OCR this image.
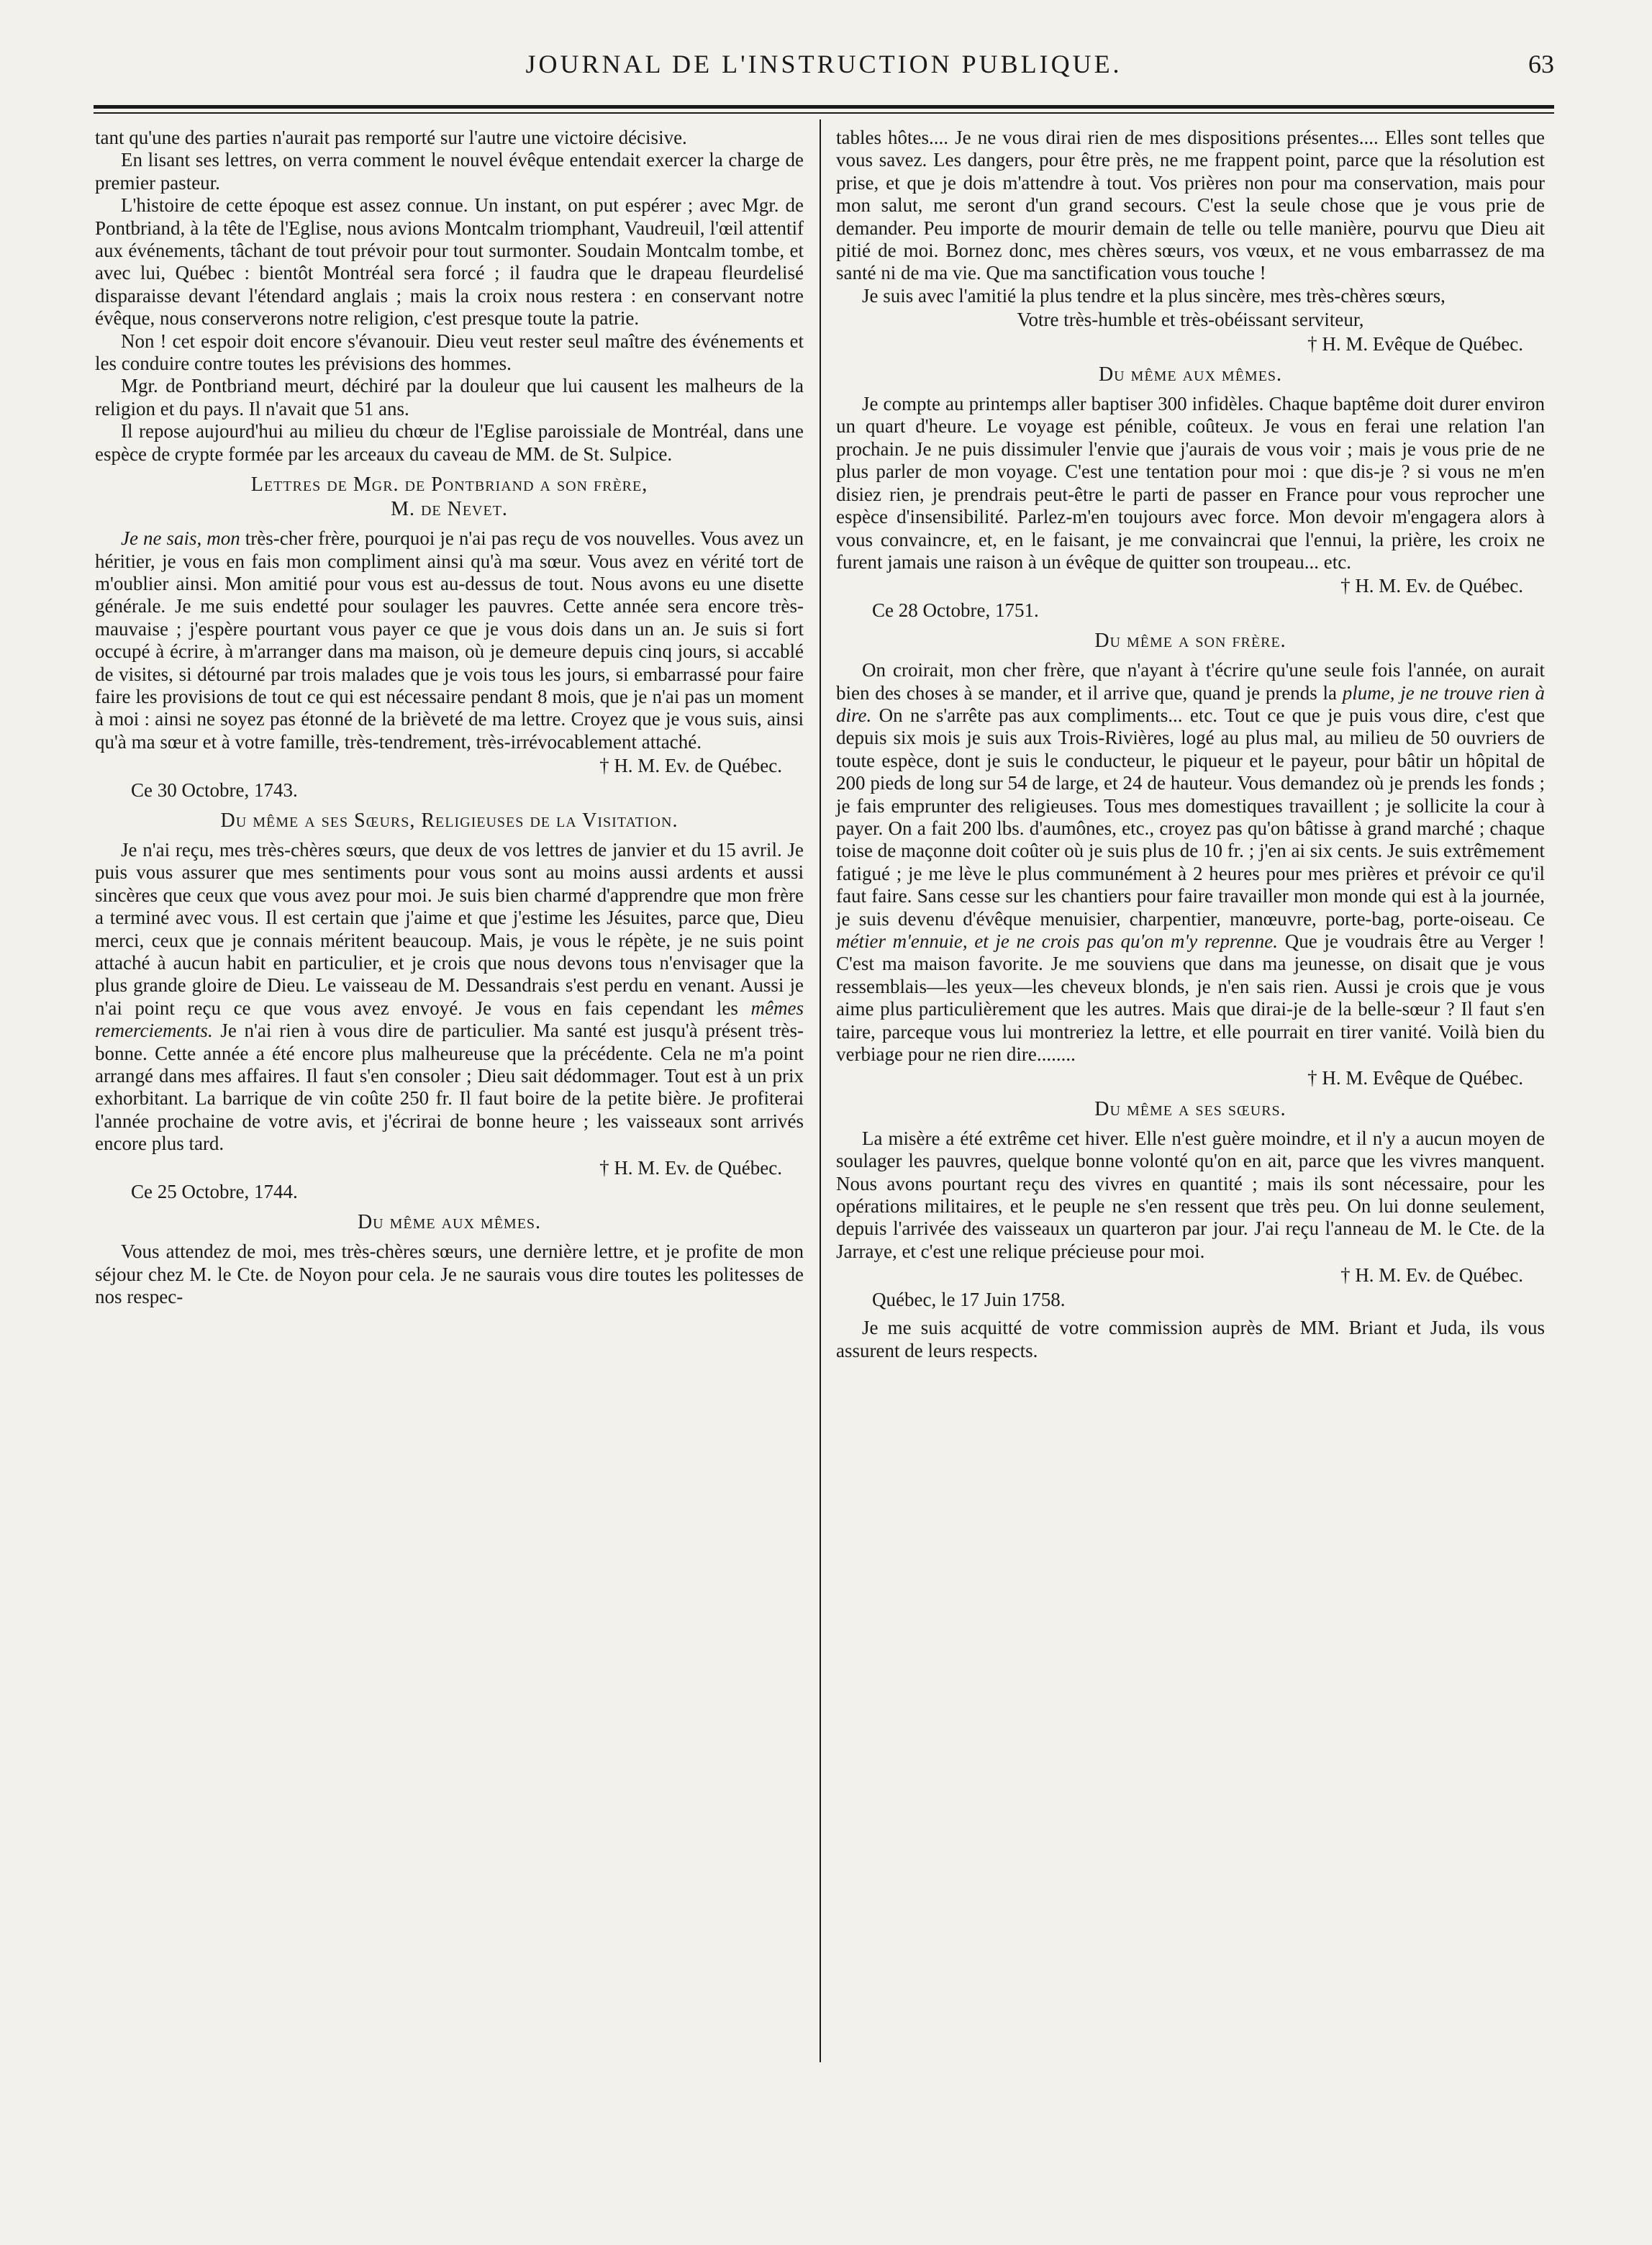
JOURNAL DE L'INSTRUCTION PUBLIQUE.	63

tant qu'une des parties n'aurait pas remporté sur l'autre une victoire décisive.

En lisant ses lettres, on verra comment le nouvel évêque entendait exercer la charge de premier pasteur.

L'histoire de cette époque est assez connue. Un instant, on put espérer ; avec Mgr. de Pontbriand, à la tête de l'Eglise, nous avions Montcalm triomphant, Vaudreuil, l'œil attentif aux événements, tâchant de tout prévoir pour tout surmonter. Soudain Montcalm tombe, et avec lui, Québec : bientôt Montréal sera forcé ; il faudra que le drapeau fleurdelisé disparaisse devant l'étendard anglais ; mais la croix nous restera : en conservant notre évêque, nous conserverons notre religion, c'est presque toute la patrie.

Non ! cet espoir doit encore s'évanouir. Dieu veut rester seul maître des événements et les conduire contre toutes les prévisions des hommes.

Mgr. de Pontbriand meurt, déchiré par la douleur que lui causent les malheurs de la religion et du pays. Il n'avait que 51 ans.

Il repose aujourd'hui au milieu du chœur de l'Eglise paroissiale de Montréal, dans une espèce de crypte formée par les arceaux du caveau de MM. de St. Sulpice.

Lettres de Mgr. de Pontbriand a son frère,
M. de Nevet.

Je ne sais, mon très-cher frère, pourquoi je n'ai pas reçu de vos nouvelles. Vous avez un héritier, je vous en fais mon compliment ainsi qu'à ma sœur. Vous avez en vérité tort de m'oublier ainsi. Mon amitié pour vous est au-dessus de tout. Nous avons eu une disette générale. Je me suis endetté pour soulager les pauvres. Cette année sera encore très-mauvaise ; j'espère pourtant vous payer ce que je vous dois dans un an. Je suis si fort occupé à écrire, à m'arranger dans ma maison, où je demeure depuis cinq jours, si accablé de visites, si détourné par trois malades que je vois tous les jours, si embarrassé pour faire faire les provisions de tout ce qui est nécessaire pendant 8 mois, que je n'ai pas un moment à moi : ainsi ne soyez pas étonné de la brièveté de ma lettre. Croyez que je vous suis, ainsi qu'à ma sœur et à votre famille, très-tendrement, très-irrévocablement attaché.

† H. M. Ev. de Québec.
Ce 30 Octobre, 1743.
Du même a ses Sœurs, Religieuses de la Visitation.

Je n'ai reçu, mes très-chères sœurs, que deux de vos lettres de janvier et du 15 avril. Je puis vous assurer que mes sentiments pour vous sont au moins aussi ardents et aussi sincères que ceux que vous avez pour moi. Je suis bien charmé d'apprendre que mon frère a terminé avec vous. Il est certain que j'aime et que j'estime les Jésuites, parce que, Dieu merci, ceux que je connais méritent beaucoup. Mais, je vous le répète, je ne suis point attaché à aucun habit en particulier, et je crois que nous devons tous n'envisager que la plus grande gloire de Dieu. Le vaisseau de M. Dessandrais s'est perdu en venant. Aussi je n'ai point reçu ce que vous avez envoyé. Je vous en fais cependant les mêmes remerciements. Je n'ai rien à vous dire de particulier. Ma santé est jusqu'à présent très-bonne. Cette année a été encore plus malheureuse que la précédente. Cela ne m'a point arrangé dans mes affaires. Il faut s'en consoler ; Dieu sait dédommager. Tout est à un prix exhorbitant. La barrique de vin coûte 250 fr. Il faut boire de la petite bière. Je profiterai l'année prochaine de votre avis, et j'écrirai de bonne heure ; les vaisseaux sont arrivés encore plus tard.

† H. M. Ev. de Québec.
Ce 25 Octobre, 1744.
Du même aux mêmes.

Vous attendez de moi, mes très-chères sœurs, une dernière lettre, et je profite de mon séjour chez M. le Cte. de Noyon pour cela. Je ne saurais vous dire toutes les politesses de nos respec-

tables hôtes.... Je ne vous dirai rien de mes dispositions présentes.... Elles sont telles que vous savez. Les dangers, pour être près, ne me frappent point, parce que la résolution est prise, et que je dois m'attendre à tout. Vos prières non pour ma conservation, mais pour mon salut, me seront d'un grand secours. C'est la seule chose que je vous prie de demander. Peu importe de mourir demain de telle ou telle manière, pourvu que Dieu ait pitié de moi. Bornez donc, mes chères sœurs, vos vœux, et ne vous embarrassez de ma santé ni de ma vie. Que ma sanctification vous touche !

Je suis avec l'amitié la plus tendre et la plus sincère, mes très-chères sœurs,

Votre très-humble et très-obéissant serviteur,
† H. M. Evêque de Québec.
Du même aux mêmes.

Je compte au printemps aller baptiser 300 infidèles. Chaque baptême doit durer environ un quart d'heure. Le voyage est pénible, coûteux. Je vous en ferai une relation l'an prochain. Je ne puis dissimuler l'envie que j'aurais de vous voir ; mais je vous prie de ne plus parler de mon voyage. C'est une tentation pour moi : que dis-je ? si vous ne m'en disiez rien, je prendrais peut-être le parti de passer en France pour vous reprocher une espèce d'insensibilité. Parlez-m'en toujours avec force. Mon devoir m'engagera alors à vous convaincre, et, en le faisant, je me convaincrai que l'ennui, la prière, les croix ne furent jamais une raison à un évêque de quitter son troupeau... etc.

† H. M. Ev. de Québec.
Ce 28 Octobre, 1751.
Du même a son frère.

On croirait, mon cher frère, que n'ayant à t'écrire qu'une seule fois l'année, on aurait bien des choses à se mander, et il arrive que, quand je prends la plume, je ne trouve rien à dire. On ne s'arrête pas aux compliments... etc. Tout ce que je puis vous dire, c'est que depuis six mois je suis aux Trois-Rivières, logé au plus mal, au milieu de 50 ouvriers de toute espèce, dont je suis le conducteur, le piqueur et le payeur, pour bâtir un hôpital de 200 pieds de long sur 54 de large, et 24 de hauteur. Vous demandez où je prends les fonds ; je fais emprunter des religieuses. Tous mes domestiques travaillent ; je sollicite la cour à payer. On a fait 200 lbs. d'aumônes, etc., croyez pas qu'on bâtisse à grand marché ; chaque toise de maçonne doit coûter où je suis plus de 10 fr. ; j'en ai six cents. Je suis extrêmement fatigué ; je me lève le plus communément à 2 heures pour mes prières et prévoir ce qu'il faut faire. Sans cesse sur les chantiers pour faire travailler mon monde qui est à la journée, je suis devenu d'évêque menuisier, charpentier, manœuvre, porte-bag, porte-oiseau. Ce métier m'ennuie, et je ne crois pas qu'on m'y reprenne. Que je voudrais être au Verger ! C'est ma maison favorite. Je me souviens que dans ma jeunesse, on disait que je vous ressemblais—les yeux—les cheveux blonds, je n'en sais rien. Aussi je crois que je vous aime plus particulièrement que les autres. Mais que dirai-je de la belle-sœur ? Il faut s'en taire, parceque vous lui montreriez la lettre, et elle pourrait en tirer vanité. Voilà bien du verbiage pour ne rien dire........

† H. M. Evêque de Québec.
Du même a ses sœurs.

La misère a été extrême cet hiver. Elle n'est guère moindre, et il n'y a aucun moyen de soulager les pauvres, quelque bonne volonté qu'on en ait, parce que les vivres manquent. Nous avons pourtant reçu des vivres en quantité ; mais ils sont nécessaire, pour les opérations militaires, et le peuple ne s'en ressent que très peu. On lui donne seulement, depuis l'arrivée des vaisseaux un quarteron par jour. J'ai reçu l'anneau de M. le Cte. de la Jarraye, et c'est une relique précieuse pour moi.

† H. M. Ev. de Québec.
Québec, le 17 Juin 1758.

Je me suis acquitté de votre commission auprès de MM. Briant et Juda, ils vous assurent de leurs respects.
